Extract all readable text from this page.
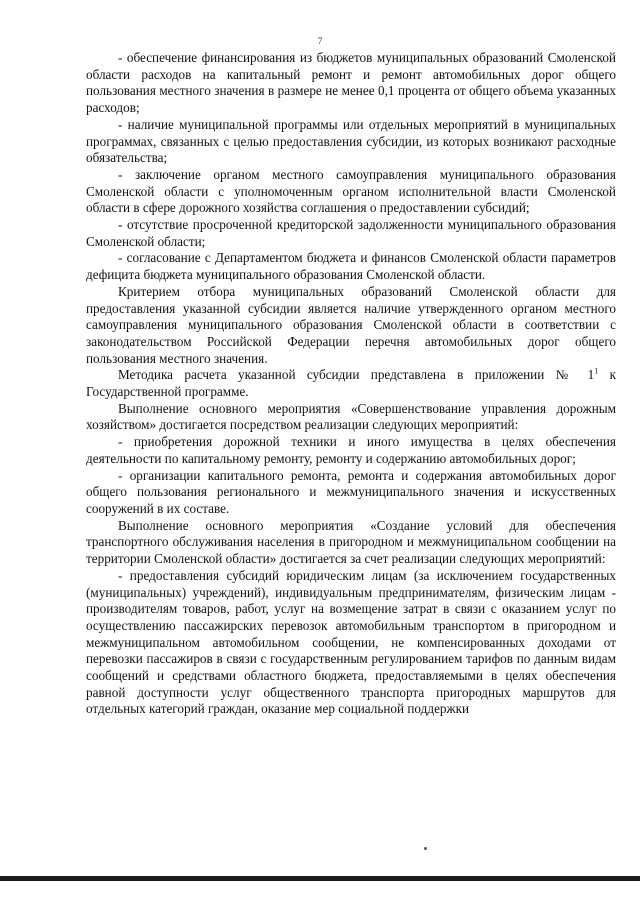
7

- обеспечение финансирования из бюджетов муниципальных образований Смоленской области расходов на капитальный ремонт и ремонт автомобильных дорог общего пользования местного значения в размере не менее 0,1 процента от общего объема указанных расходов;

- наличие муниципальной программы или отдельных мероприятий в муниципальных программах, связанных с целью предоставления субсидии, из которых возникают расходные обязательства;

- заключение органом местного самоуправления муниципального образования Смоленской области с уполномоченным органом исполнительной власти Смоленской области в сфере дорожного хозяйства соглашения о предоставлении субсидий;

- отсутствие просроченной кредиторской задолженности муниципального образования Смоленской области;

- согласование с Департаментом бюджета и финансов Смоленской области параметров дефицита бюджета муниципального образования Смоленской области.

Критерием отбора муниципальных образований Смоленской области для предоставления указанной субсидии является наличие утвержденного органом местного самоуправления муниципального образования Смоленской области в соответствии с законодательством Российской Федерации перечня автомобильных дорог общего пользования местного значения.

Методика расчета указанной субсидии представлена в приложении № $1^1$ к Государственной программе.

Выполнение основного мероприятия «Совершенствование управления дорожным хозяйством» достигается посредством реализации следующих мероприятий:

- приобретения дорожной техники и иного имущества в целях обеспечения деятельности по капитальному ремонту, ремонту и содержанию автомобильных дорог;

- организации капитального ремонта, ремонта и содержания автомобильных дорог общего пользования регионального и межмуниципального значения и искусственных сооружений в их составе.

Выполнение основного мероприятия «Создание условий для обеспечения транспортного обслуживания населения в пригородном и межмуниципальном сообщении на территории Смоленской области» достигается за счет реализации следующих мероприятий:

- предоставления субсидий юридическим лицам (за исключением государственных (муниципальных) учреждений), индивидуальным предпринимателям, физическим лицам - производителям товаров, работ, услуг на возмещение затрат в связи с оказанием услуг по осуществлению пассажирских перевозок автомобильным транспортом в пригородном и межмуниципальном автомобильном сообщении, не компенсированных доходами от перевозки пассажиров в связи с государственным регулированием тарифов по данным видам сообщений и средствами областного бюджета, предоставляемыми в целях обеспечения равной доступности услуг общественного транспорта пригородных маршрутов для отдельных категорий граждан, оказание мер социальной поддержки
